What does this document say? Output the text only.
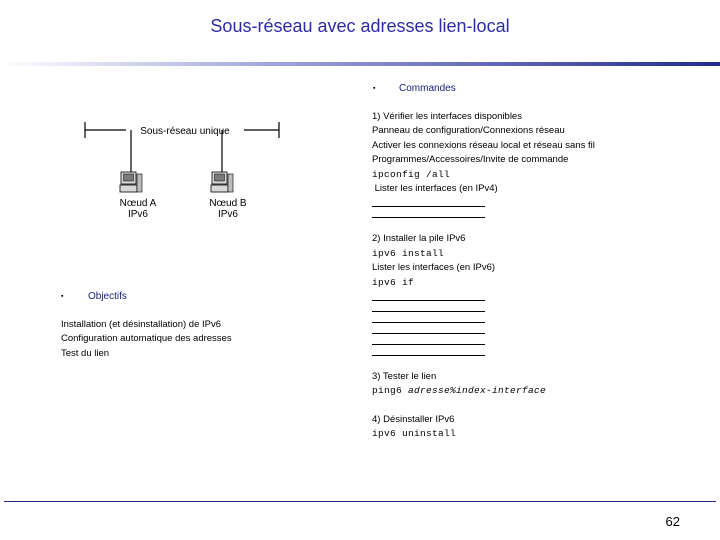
Sous-réseau avec adresses lien-local
Sous-réseau unique
Nœud A
IPv6
Nœud B
IPv6
▪ Objectifs
Installation (et désinstallation) de IPv6
Configuration automatique des adresses
Test du lien
▪ Commandes
1) Vérifier les interfaces disponibles
Panneau de configuration/Connexions réseau
Activer les connexions réseau local et réseau sans fil
Programmes/Accessoires/Invite de commande
ipconfig /all
Lister les interfaces (en IPv4)
2) Installer la pile IPv6
ipv6 install
Lister les interfaces (en IPv6)
ipv6 if
3) Tester le lien
ping6 adresse%index-interface
4) Désinstaller IPv6
ipv6 uninstall
62
